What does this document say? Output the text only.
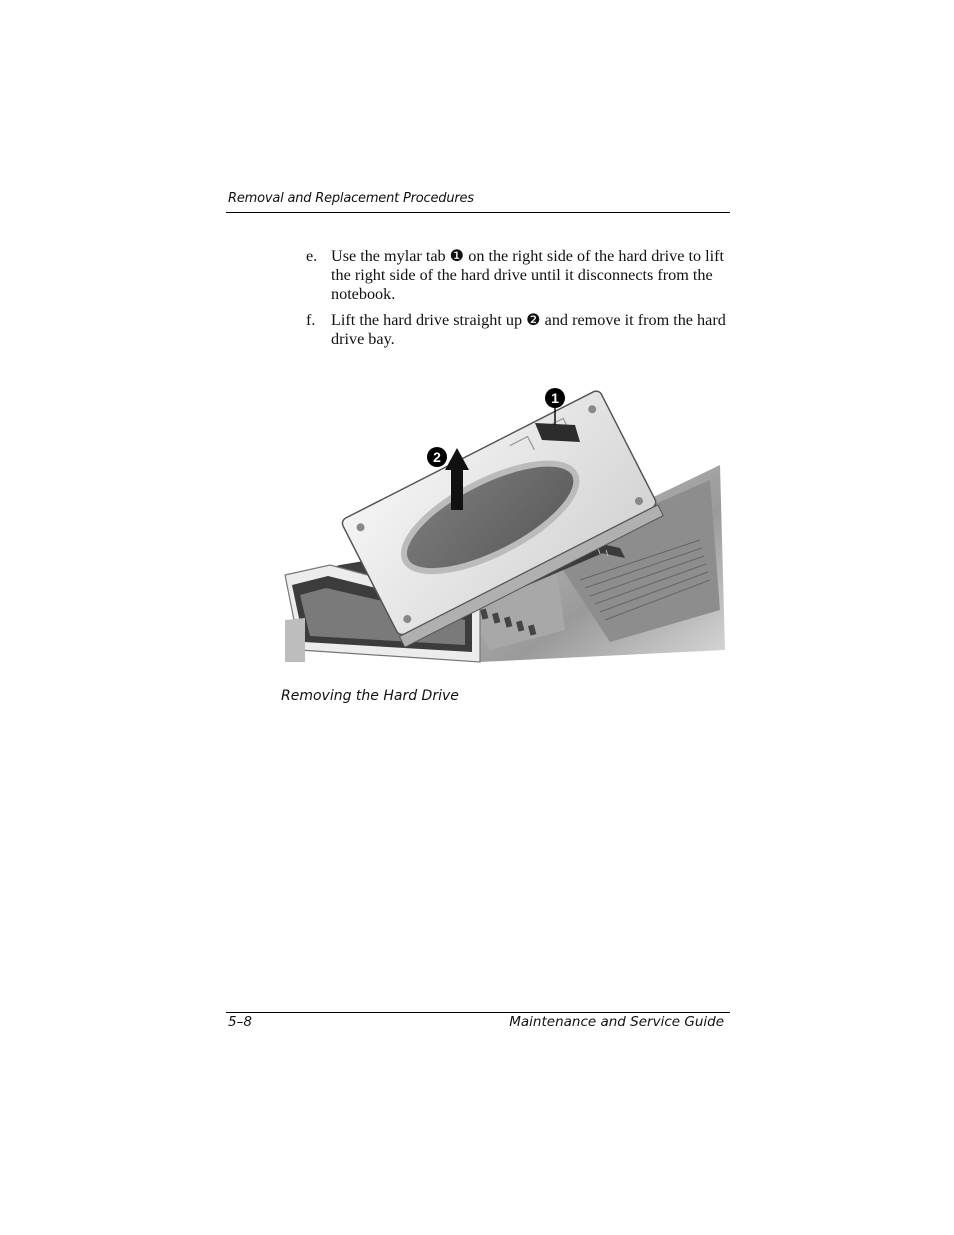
Removal and Replacement Procedures
e. Use the mylar tab ❶ on the right side of the hard drive to lift the right side of the hard drive until it disconnects from the notebook.
f. Lift the hard drive straight up ❷ and remove it from the hard drive bay.
1
2
Removing the Hard Drive
5–8	Maintenance and Service Guide
